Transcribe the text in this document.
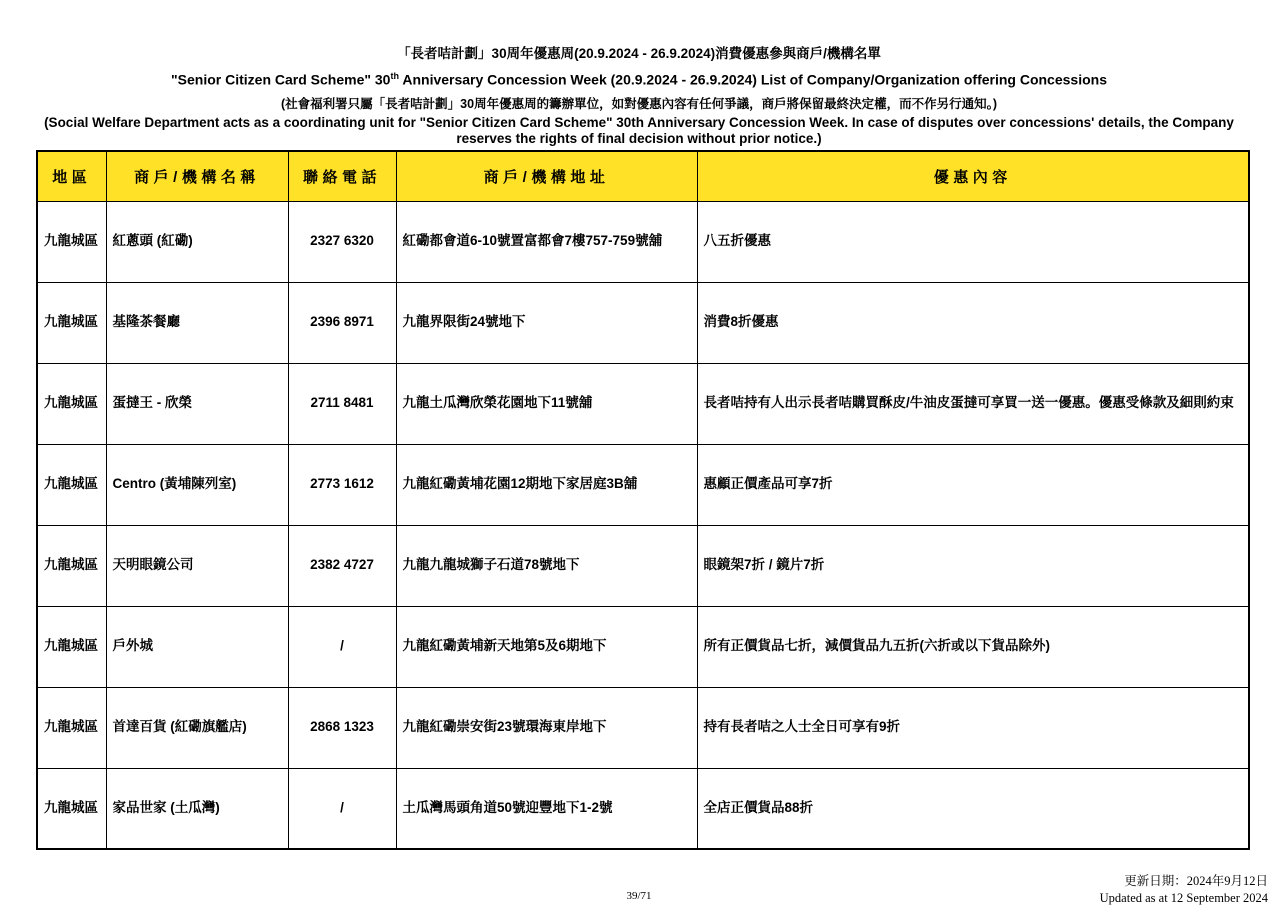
「長者咭計劃」30周年優惠周(20.9.2024 - 26.9.2024)消費優惠參與商戶/機構名單
"Senior Citizen Card Scheme" 30th Anniversary Concession Week (20.9.2024 - 26.9.2024) List of Company/Organization offering Concessions
(社會福利署只屬「長者咭計劃」30周年優惠周的籌辦單位，如對優惠內容有任何爭議，商戶將保留最終決定權，而不作另行通知。)
(Social Welfare Department acts as a coordinating unit for "Senior Citizen Card Scheme" 30th Anniversary Concession Week. In case of disputes over concessions' details, the Company reserves the rights of final decision without prior notice.)
地區	商戶/機構名稱	聯絡電話	商戶/機構地址	優惠內容
九龍城區	紅蔥頭 (紅磡)	2327 6320	紅磡都會道6-10號置富都會7樓757-759號舖	八五折優惠
九龍城區	基隆茶餐廳	2396 8971	九龍界限街24號地下	消費8折優惠
九龍城區	蛋撻王 - 欣榮	2711 8481	九龍土瓜灣欣榮花園地下11號舖	長者咭持有人出示長者咭購買酥皮/牛油皮蛋撻可享買一送一優惠。優惠受條款及細則約束
九龍城區	Centro (黃埔陳列室)	2773 1612	九龍紅磡黃埔花園12期地下家居庭3B舖	惠顧正價產品可享7折
九龍城區	天明眼鏡公司	2382 4727	九龍九龍城獅子石道78號地下	眼鏡架7折 / 鏡片7折
九龍城區	戶外城	/	九龍紅磡黃埔新天地第5及6期地下	所有正價貨品七折，減價貨品九五折(六折或以下貨品除外)
九龍城區	首達百貨 (紅磡旗艦店)	2868 1323	九龍紅磡崇安街23號環海東岸地下	持有長者咭之人士全日可享有9折
九龍城區	家品世家 (土瓜灣)	/	土瓜灣馬頭角道50號迎豐地下1-2號	全店正價貨品88折
39/71
更新日期：2024年9月12日
Updated as at 12 September 2024
